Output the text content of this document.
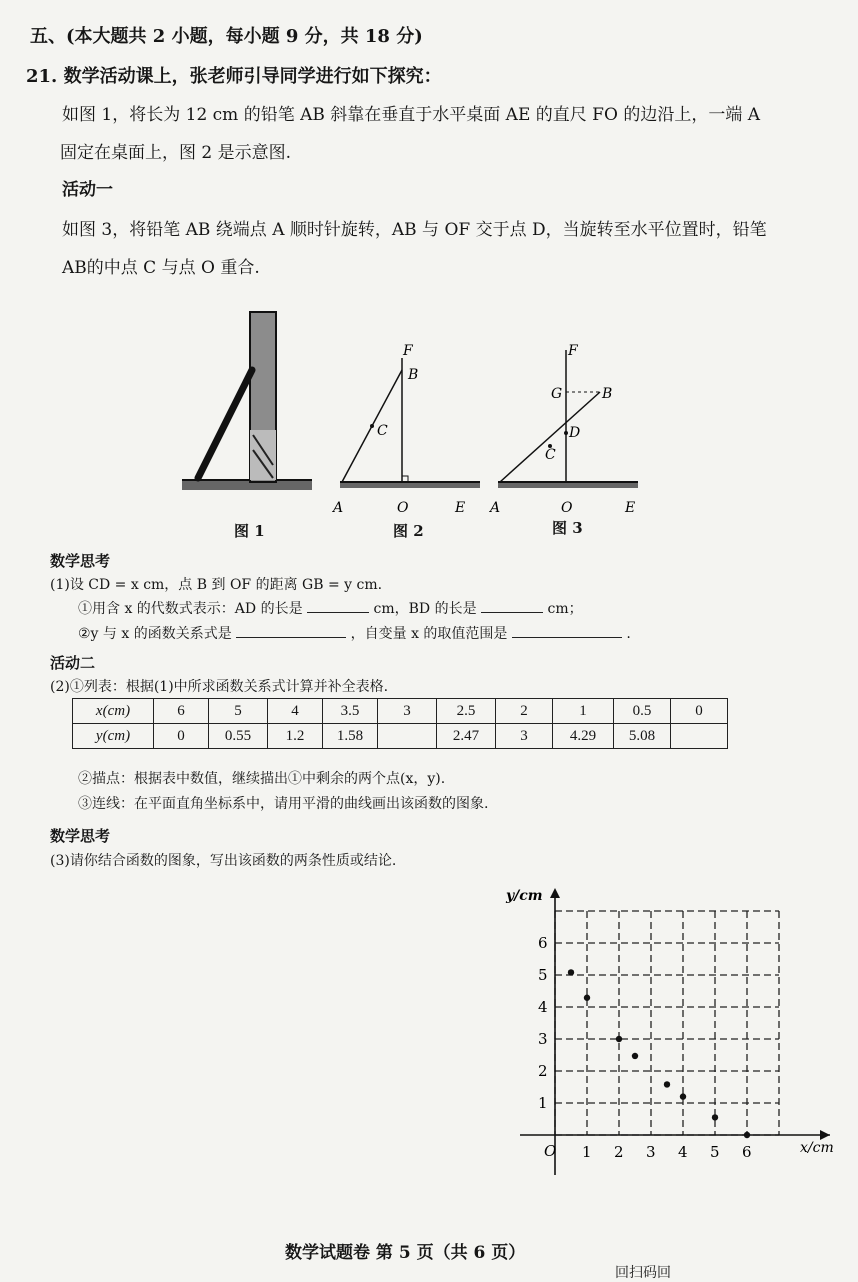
五、(本大题共 2 小题，每小题 9 分，共 18 分)
21. 数学活动课上，张老师引导同学进行如下探究：
如图 1，将长为 12 cm 的铅笔 AB 斜靠在垂直于水平桌面 AE 的直尺 FO 的边沿上，一端 A
固定在桌面上，图 2 是示意图.
活动一
如图 3，将铅笔 AB 绕端点 A 顺时针旋转，AB 与 OF 交于点 D，当旋转至水平位置时，铅笔
AB的中点 C 与点 O 重合.
F
B
C
A	O	E
F
G	B
D
C
A	O	E
图 1	图 2	图 3
数学思考
(1)设 CD = x cm，点 B 到 OF 的距离 GB = y cm.
①用含 x 的代数式表示：AD 的长是	cm，BD 的长是	cm；
②y 与 x 的函数关系式是	，自变量 x 的取值范围是	.
活动二
(2)①列表：根据(1)中所求函数关系式计算并补全表格.
x(cm)	6	5	4	3.5	3	2.5	2	1	0.5	0
y(cm)	0	0.55	1.2	1.58		2.47	3	4.29	5.08	
②描点：根据表中数值，继续描出①中剩余的两个点(x，y).
③连线：在平面直角坐标系中，请用平滑的曲线画出该函数的图象.
数学思考
(3)请你结合函数的图象，写出该函数的两条性质或结论.
y/cm
x/cm
O 1 2 3 4 5 6
1
2
3
4
5
6
数学试题卷 第 5 页（共 6 页）
回扫码回
